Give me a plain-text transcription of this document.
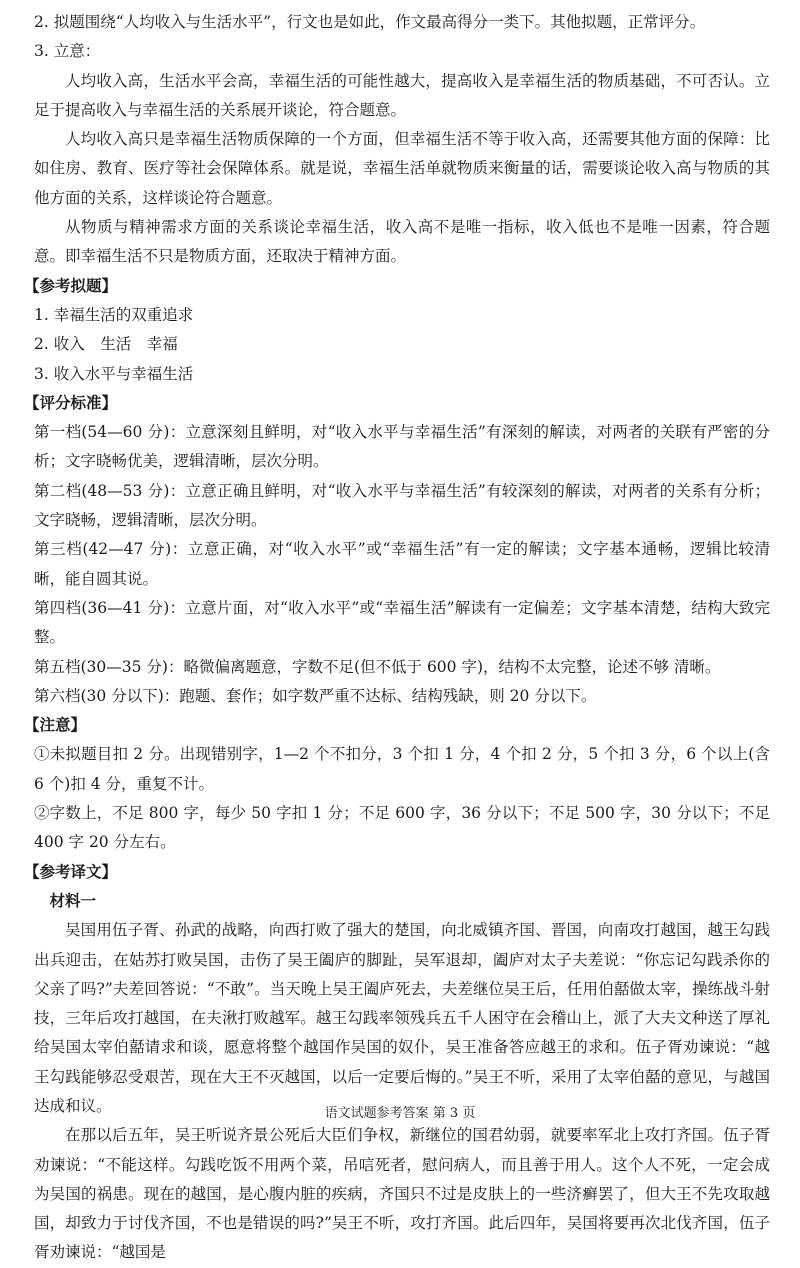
2. 拟题围绕“人均收入与生活水平”，行文也是如此，作文最高得分一类下。其他拟题，正常评分。

3. 立意：

人均收入高，生活水平会高，幸福生活的可能性越大，提高收入是幸福生活的物质基础，不可否认。立足于提高收入与幸福生活的关系展开谈论，符合题意。

人均收入高只是幸福生活物质保障的一个方面，但幸福生活不等于收入高，还需要其他方面的保障：比如住房、教育、医疗等社会保障体系。就是说，幸福生活单就物质来衡量的话，需要谈论收入高与物质的其他方面的关系，这样谈论符合题意。

从物质与精神需求方面的关系谈论幸福生活，收入高不是唯一指标，收入低也不是唯一因素，符合题意。即幸福生活不只是物质方面，还取决于精神方面。

【参考拟题】

1. 幸福生活的双重追求

2. 收入　生活　幸福

3. 收入水平与幸福生活

【评分标准】

第一档(54—60 分)：立意深刻且鲜明，对“收入水平与幸福生活”有深刻的解读，对两者的关联有严密的分析；文字晓畅优美，逻辑清晰，层次分明。

第二档(48—53 分)：立意正确且鲜明，对“收入水平与幸福生活”有较深刻的解读，对两者的关系有分析；文字晓畅，逻辑清晰，层次分明。

第三档(42—47 分)：立意正确，对“收入水平”或“幸福生活”有一定的解读；文字基本通畅，逻辑比较清晰，能自圆其说。

第四档(36—41 分)：立意片面，对“收入水平”或“幸福生活”解读有一定偏差；文字基本清楚，结构大致完整。

第五档(30—35 分)：略微偏离题意，字数不足(但不低于 600 字)，结构不太完整，论述不够 清晰。

第六档(30 分以下)：跑题、套作；如字数严重不达标、结构残缺，则 20 分以下。

【注意】

①未拟题目扣 2 分。出现错别字，1—2 个不扣分，3 个扣 1 分，4 个扣 2 分，5 个扣 3 分，6 个以上(含 6 个)扣 4 分，重复不计。

②字数上，不足 800 字，每少 50 字扣 1 分；不足 600 字，36 分以下；不足 500 字，30 分以下；不足 400 字 20 分左右。

【参考译文】

材料一

吴国用伍子胥、孙武的战略，向西打败了强大的楚国，向北威镇齐国、晋国，向南攻打越国，越王勾践出兵迎击，在姑苏打败吴国，击伤了吴王阖庐的脚趾，吴军退却，阖庐对太子夫差说：“你忘记勾践杀你的父亲了吗?”夫差回答说：“不敢”。当天晚上吴王阖庐死去，夫差继位吴王后，任用伯嚭做太宰，操练战斗射技，三年后攻打越国，在夫湫打败越军。越王勾践率领残兵五千人困守在会稽山上，派了大夫文种送了厚礼给吴国太宰伯嚭请求和谈，愿意将整个越国作吴国的奴仆，吴王准备答应越王的求和。伍子胥劝谏说：“越王勾践能够忍受艰苦，现在大王不灭越国，以后一定要后悔的。”吴王不听，采用了太宰伯嚭的意见，与越国达成和议。

在那以后五年，吴王听说齐景公死后大臣们争权，新继位的国君幼弱，就要率军北上攻打齐国。伍子胥劝谏说：“不能这样。勾践吃饭不用两个菜，吊唁死者，慰问病人，而且善于用人。这个人不死，一定会成为吴国的祸患。现在的越国，是心腹内脏的疾病，齐国只不过是皮肤上的一些济癣罢了，但大王不先攻取越国，却致力于讨伐齐国，不也是错误的吗?”吴王不听，攻打齐国。此后四年，吴国将要再次北伐齐国，伍子胥劝谏说：“越国是

语文试题参考答案 第 3 页
